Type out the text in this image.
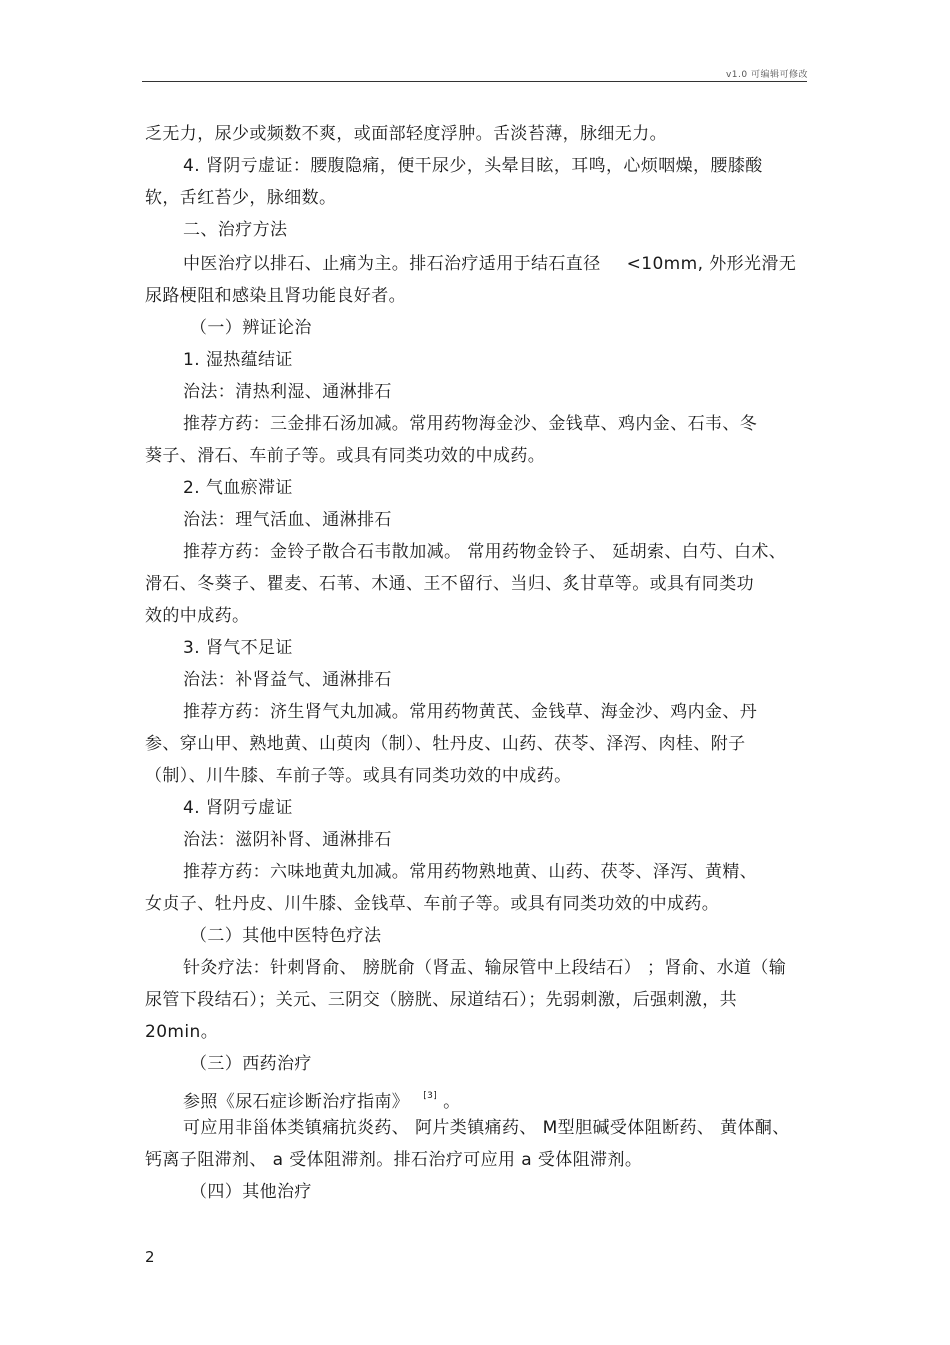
v1.0 可编辑可修改
乏无力，尿少或频数不爽，或面部轻度浮肿。舌淡苔薄，脉细无力。
4. 肾阴亏虚证：腰腹隐痛，便干尿少，头晕目眩，耳鸣，心烦咽燥，腰膝酸
软，舌红苔少，脉细数。
二、治疗方法
中医治疗以排石、止痛为主。排石治疗适用于结石直径 <10mm, 外形光滑无
尿路梗阻和感染且肾功能良好者。
（一）辨证论治
1. 湿热蕴结证
治法：清热利湿、通淋排石
推荐方药：三金排石汤加减。常用药物海金沙、金钱草、鸡内金、石韦、冬
葵子、滑石、车前子等。或具有同类功效的中成药。
2. 气血瘀滞证
治法：理气活血、通淋排石
推荐方药：金铃子散合石韦散加减。 常用药物金铃子、 延胡索、白芍、白术、
滑石、冬葵子、瞿麦、石苇、木通、王不留行、当归、炙甘草等。或具有同类功
效的中成药。
3. 肾气不足证
治法：补肾益气、通淋排石
推荐方药：济生肾气丸加减。常用药物黄芪、金钱草、海金沙、鸡内金、丹
参、穿山甲、熟地黄、山萸肉（制）、牡丹皮、山药、茯苓、泽泻、肉桂、附子
（制）、川牛膝、车前子等。或具有同类功效的中成药。
4. 肾阴亏虚证
治法：滋阴补肾、通淋排石
推荐方药：六味地黄丸加减。常用药物熟地黄、山药、茯苓、泽泻、黄精、
女贞子、牡丹皮、川牛膝、金钱草、车前子等。或具有同类功效的中成药。
（二）其他中医特色疗法
针灸疗法：针刺肾俞、 膀胱俞（肾盂、输尿管中上段结石） ；肾俞、水道（输
尿管下段结石）；关元、三阴交（膀胱、尿道结石）；先弱刺激，后强刺激，共
20min。
（三）西药治疗
参照《尿石症诊断治疗指南》 [3] 。
可应用非甾体类镇痛抗炎药、 阿片类镇痛药、 M型胆碱受体阻断药、 黄体酮、
钙离子阻滞剂、 a 受体阻滞剂。排石治疗可应用 a 受体阻滞剂。
（四）其他治疗
2
